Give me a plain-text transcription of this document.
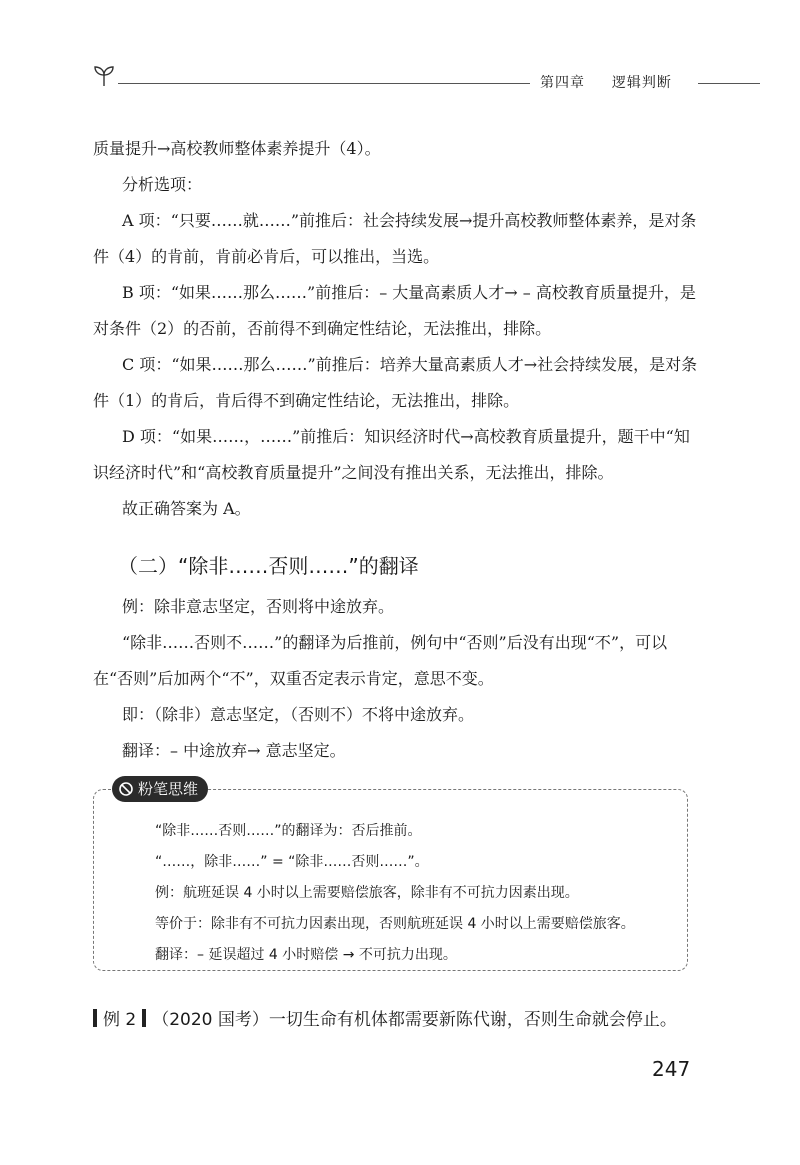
第四章 逻辑判断

质量提升→高校教师整体素养提升（4）。

分析选项：

A 项：“只要……就……”前推后：社会持续发展→提升高校教师整体素养，是对条件（4）的肯前，肯前必肯后，可以推出，当选。

B 项：“如果……那么……”前推后：– 大量高素质人才→ – 高校教育质量提升，是对条件（2）的否前，否前得不到确定性结论，无法推出，排除。

C 项：“如果……那么……”前推后：培养大量高素质人才→社会持续发展，是对条件（1）的肯后，肯后得不到确定性结论，无法推出，排除。

D 项：“如果……，……”前推后：知识经济时代→高校教育质量提升，题干中“知识经济时代”和“高校教育质量提升”之间没有推出关系，无法推出，排除。

故正确答案为 A。

（二）“除非……否则……”的翻译

例：除非意志坚定，否则将中途放弃。

“除非……否则不……”的翻译为后推前，例句中“否则”后没有出现“不”，可以在“否则”后加两个“不”，双重否定表示肯定，意思不变。

即：（除非）意志坚定，（否则不）不将中途放弃。

翻译：– 中途放弃→ 意志坚定。

粉笔思维
“除非……否则……”的翻译为：否后推前。
“……，除非……” = “除非……否则……”。
例：航班延误 4 小时以上需要赔偿旅客，除非有不可抗力因素出现。
等价于：除非有不可抗力因素出现，否则航班延误 4 小时以上需要赔偿旅客。
翻译：– 延误超过 4 小时赔偿 → 不可抗力出现。
例 2 （2020 国考）一切生命有机体都需要新陈代谢，否则生命就会停止。
247
